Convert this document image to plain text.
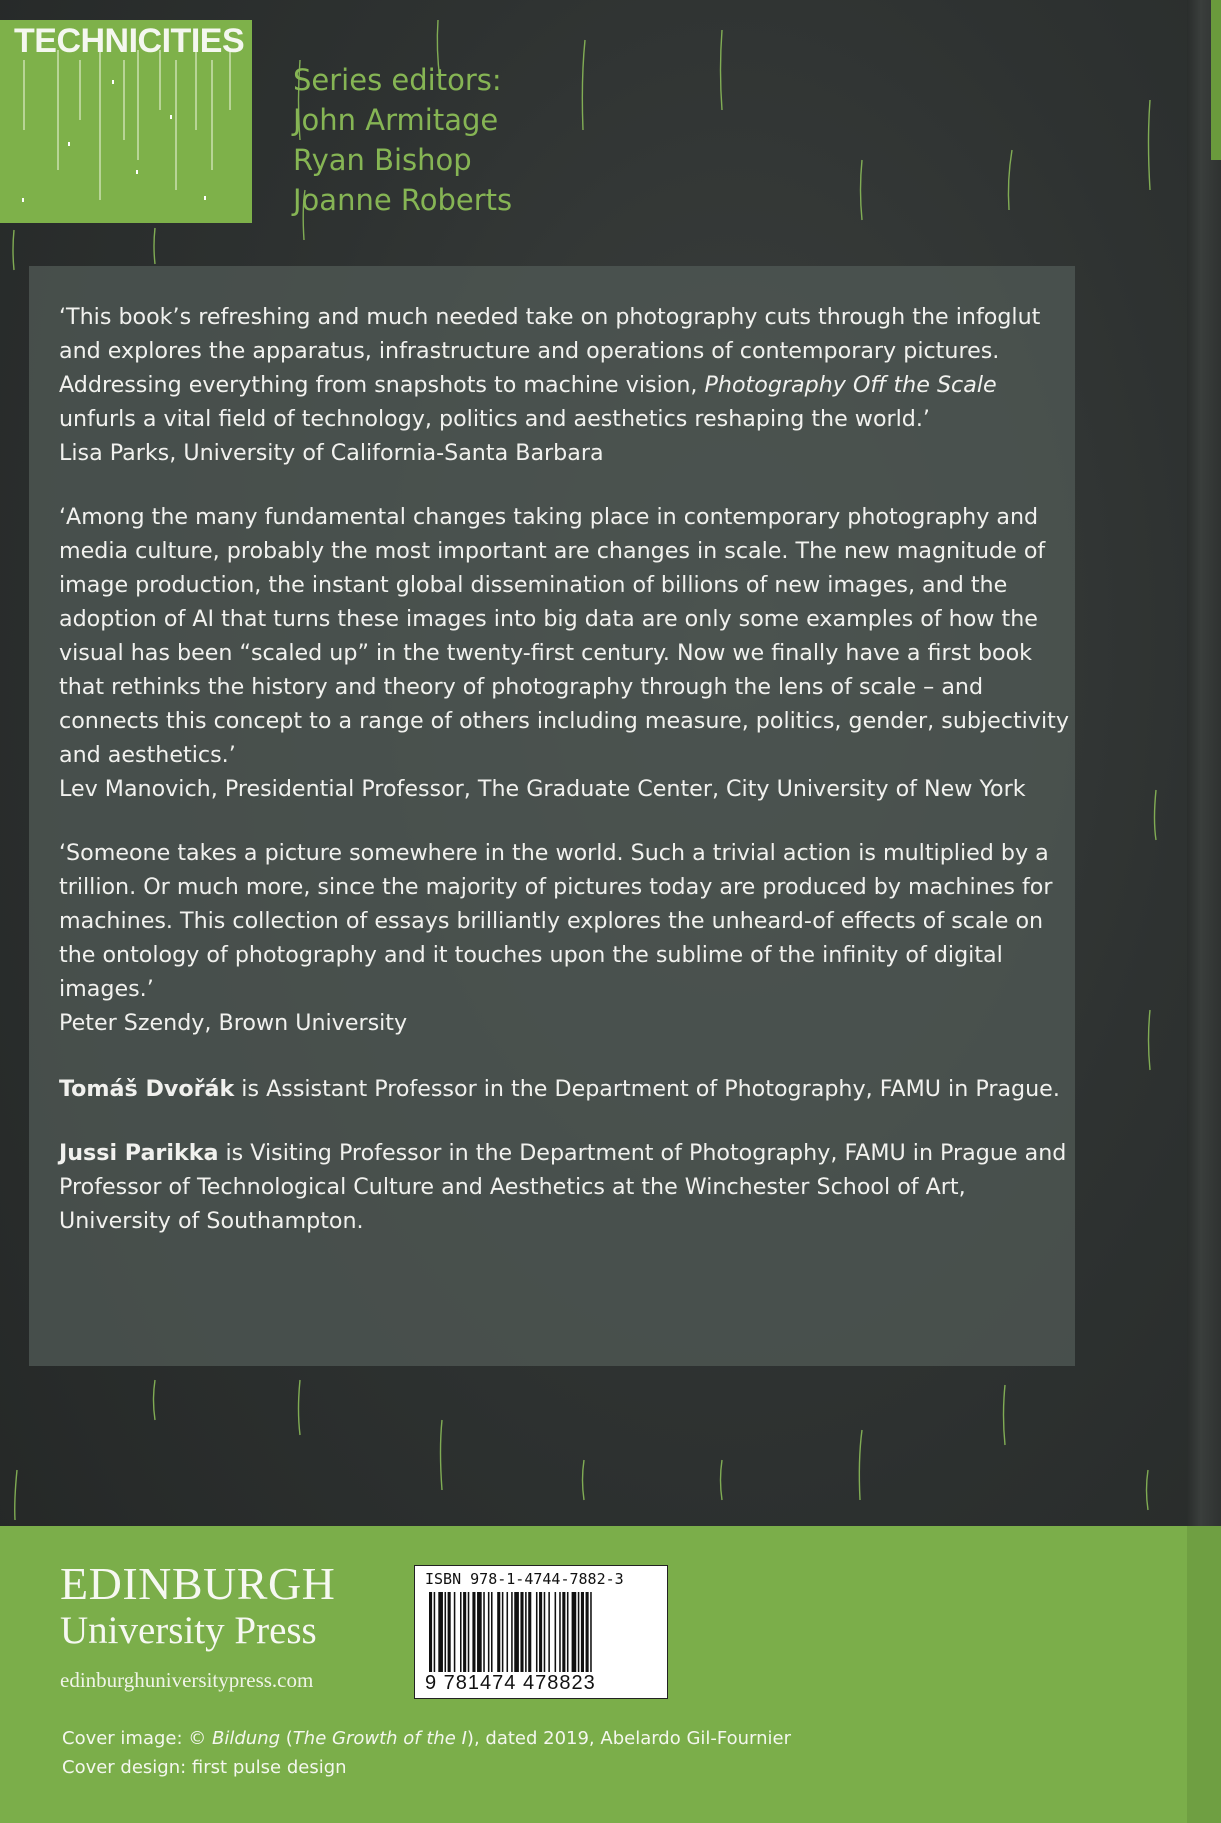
TECHNICITIES
Series editors:
John Armitage
Ryan Bishop
Joanne Roberts

‘This book’s refreshing and much needed take on photography cuts through the infoglut and explores the apparatus, infrastructure and operations of contemporary pictures. Addressing everything from snapshots to machine vision, Photography Off the Scale unfurls a vital field of technology, politics and aesthetics reshaping the world.’

Lisa Parks, University of California-Santa Barbara

‘Among the many fundamental changes taking place in contemporary photography and media culture, probably the most important are changes in scale. The new magnitude of image production, the instant global dissemination of billions of new images, and the adoption of AI that turns these images into big data are only some examples of how the visual has been “scaled up” in the twenty-first century. Now we finally have a first book that rethinks the history and theory of photography through the lens of scale – and connects this concept to a range of others including measure, politics, gender, subjectivity and aesthetics.’

Lev Manovich, Presidential Professor, The Graduate Center, City University of New York

‘Someone takes a picture somewhere in the world. Such a trivial action is multiplied by a trillion. Or much more, since the majority of pictures today are produced by machines for machines. This collection of essays brilliantly explores the unheard-of effects of scale on the ontology of photography and it touches upon the sublime of the infinity of digital images.’

Peter Szendy, Brown University

Tomáš Dvořák is Assistant Professor in the Department of Photography, FAMU in Prague.

Jussi Parikka is Visiting Professor in the Department of Photography, FAMU in Prague and Professor of Technological Culture and Aesthetics at the Winchester School of Art, University of Southampton.

EDINBURGH
University Press
edinburghuniversitypress.com
ISBN 978-1-4744-7882-3
9 781474 478823
Cover image: © Bildung (The Growth of the I), dated 2019, Abelardo Gil-Fournier
Cover design: first pulse design
